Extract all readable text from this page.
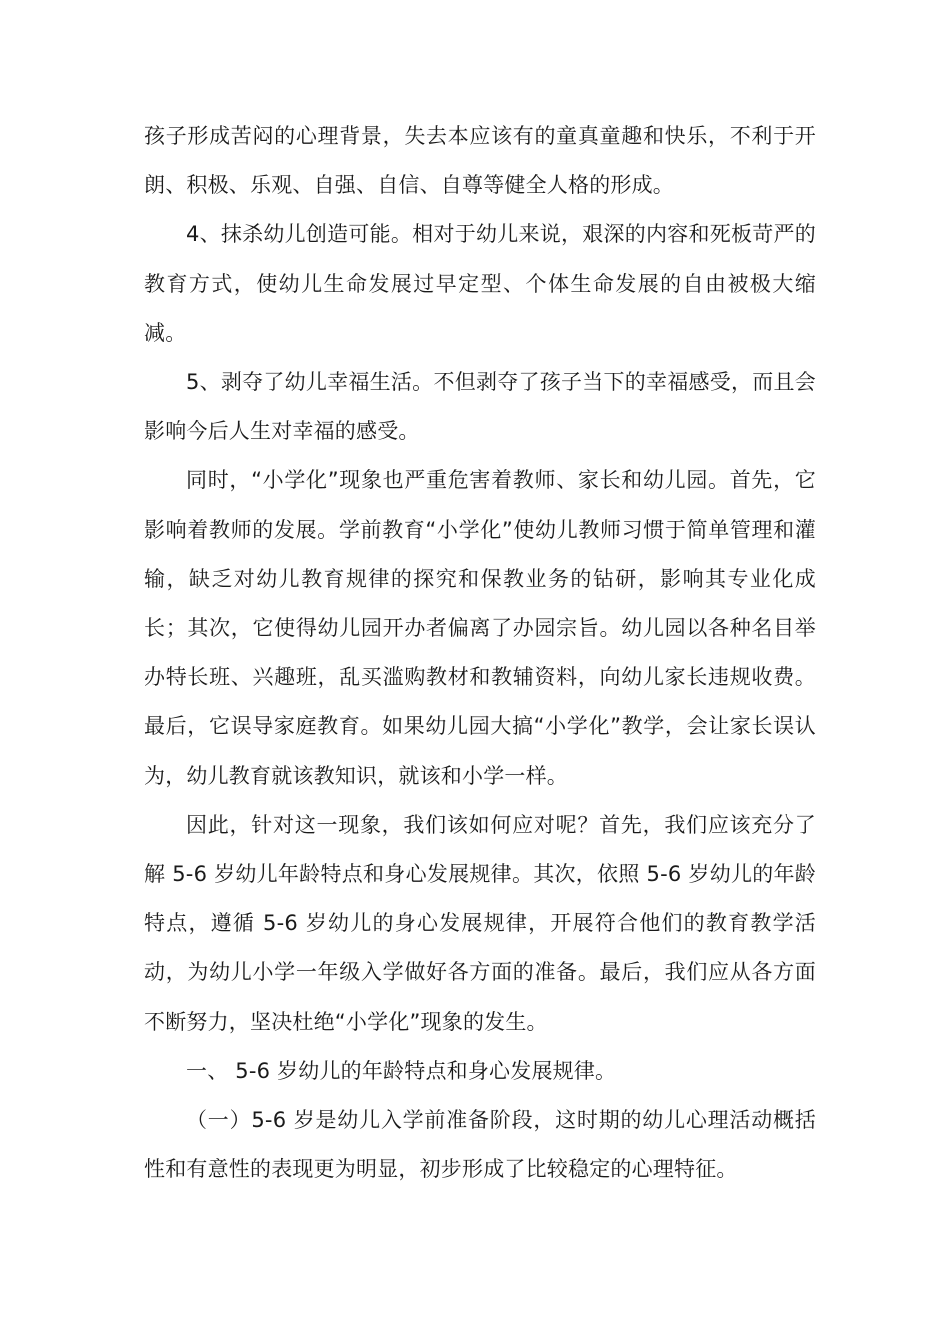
孩子形成苦闷的心理背景，失去本应该有的童真童趣和快乐，不利于开朗、积极、乐观、自强、自信、自尊等健全人格的形成。

4、抹杀幼儿创造可能。相对于幼儿来说，艰深的内容和死板苛严的教育方式，使幼儿生命发展过早定型、个体生命发展的自由被极大缩减。

5、剥夺了幼儿幸福生活。不但剥夺了孩子当下的幸福感受，而且会影响今后人生对幸福的感受。

同时，“小学化”现象也严重危害着教师、家长和幼儿园。首先，它影响着教师的发展。学前教育“小学化”使幼儿教师习惯于简单管理和灌输，缺乏对幼儿教育规律的探究和保教业务的钻研，影响其专业化成长；其次，它使得幼儿园开办者偏离了办园宗旨。幼儿园以各种名目举办特长班、兴趣班，乱买滥购教材和教辅资料，向幼儿家长违规收费。最后，它误导家庭教育。如果幼儿园大搞“小学化”教学，会让家长误认为，幼儿教育就该教知识，就该和小学一样。

因此，针对这一现象，我们该如何应对呢？首先，我们应该充分了解 5-6 岁幼儿年龄特点和身心发展规律。其次，依照 5-6 岁幼儿的年龄特点，遵循 5-6 岁幼儿的身心发展规律，开展符合他们的教育教学活动，为幼儿小学一年级入学做好各方面的准备。最后，我们应从各方面不断努力，坚决杜绝“小学化”现象的发生。

一、 5-6 岁幼儿的年龄特点和身心发展规律。

（一）5-6 岁是幼儿入学前准备阶段，这时期的幼儿心理活动概括性和有意性的表现更为明显，初步形成了比较稳定的心理特征。
